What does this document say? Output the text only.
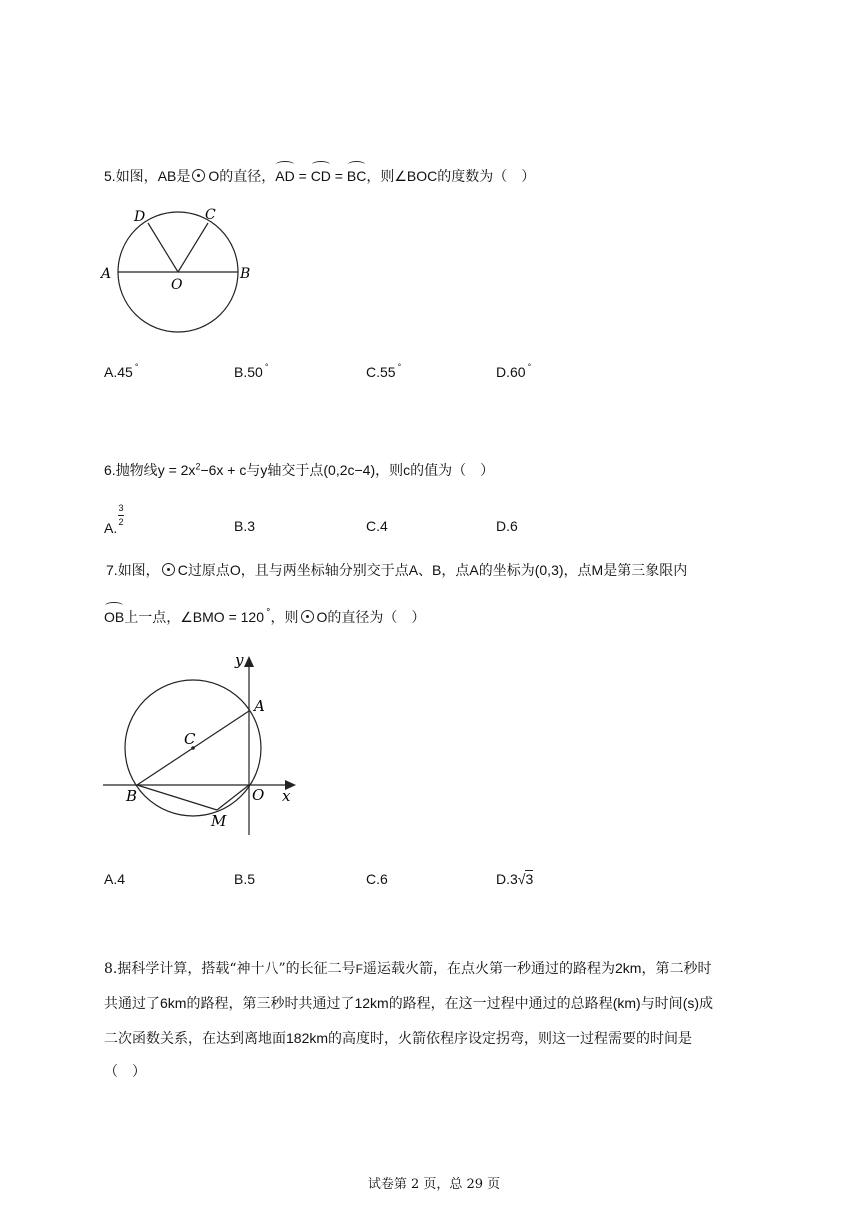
5.如图，AB是 O的直径，AD = CD = BC，则∠BOC的度数为（　）
D	C
A	B
O
A.45 °	B.50 °	C.55 °	D.60 °
6.抛物线$y = 2x^2-6x + c$与y轴交于点(0,2c−4)，则c的值为（　）
A.
3
2	B.3	C.4	D.6
7.如图， C过原点O，且与两坐标轴分别交于点A、B，点A的坐标为(0,3)，点M是第三象限内
OB上一点，∠BMO = 120 °，则 O的直径为（　）
y
A
C
B	O x
M
A.4	B.5	C.6	D.3√3
8.据科学计算，搭载“神十八”的长征二号F遥运载火箭，在点火第一秒通过的路程为2km，第二秒时
共通过了6km的路程，第三秒时共通过了12km的路程，在这一过程中通过的总路程(km)与时间(s)成
二次函数关系，在达到离地面182km的高度时，火箭依程序设定拐弯，则这一过程需要的时间是
（　）
试卷第 2 页，总 29 页
